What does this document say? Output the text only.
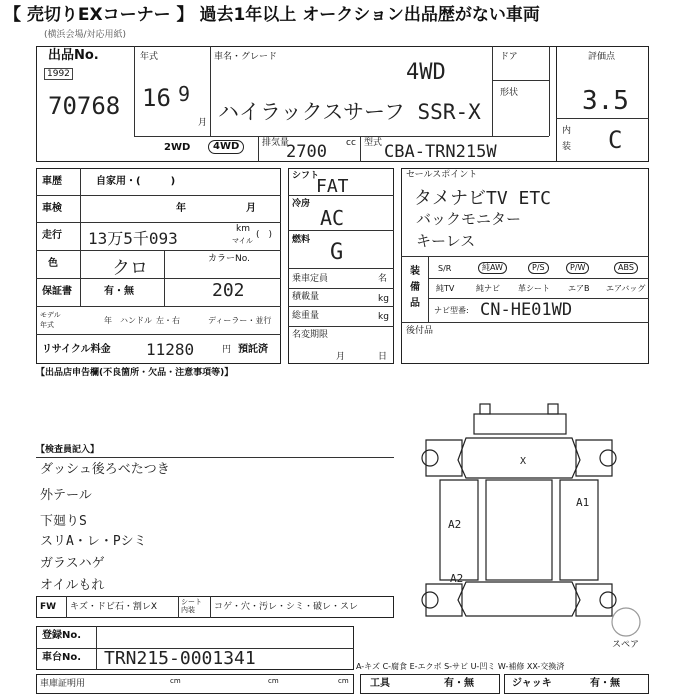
【 売切りEXコーナー 】 過去1年以上 オークション出品歴がない車両
(横浜会場/対応用紙)
出品No.
1992
70768
年式
16 9
月
車名・グレード
4WD
ハイラックスサーフ SSR-X
ドア
形状
評価点
3.5
内
装 C
2WD	4WD	排気量
2700 cc 型式 CBA-TRN215W
車歴	自家用・(　　　)
車検	年	月
走行 13万5千093	km
マイル
(　)
色	クロ	カラーNo.
202
保証書	有・無
モデル
年式	年 ハンドル 左・右	ディーラー・並行
リサイクル料金 11280	円 預託済
シフト
FAT
冷房
AC
燃料 G
乗車定員	名
積載量	kg
総重量	kg
名変期限
月	日
セールスポイント
タメナビTV ETC
バックモニター
キーレス
装
備
品
S/R	純AW	P/S	P/W	ABS
純TV	純ナビ 革シート エアB エアバッグ
ナビ型番: CN-HE01WD
後付品
【出品店申告欄(不良箇所・欠品・注意事項等)】
【検査員記入】
ダッシュ後ろベたつき
外テール
下廻りS
スリA・レ・Pシミ
ガラスハゲ
オイルもれ
FW キズ・ドビ石・割レX	シート内装	コゲ・穴・汚レ・シミ・破レ・スレ
登録No.
車台No. TRN215-0001341
車庫証明用	cm	cm	cm
A-キズ C-腐食 E-エクボ S-サビ U-凹ミ W-補修 XX-交換済
工具	有・無	ジャッキ	有・無
X
A1
A2
A2
スペア
